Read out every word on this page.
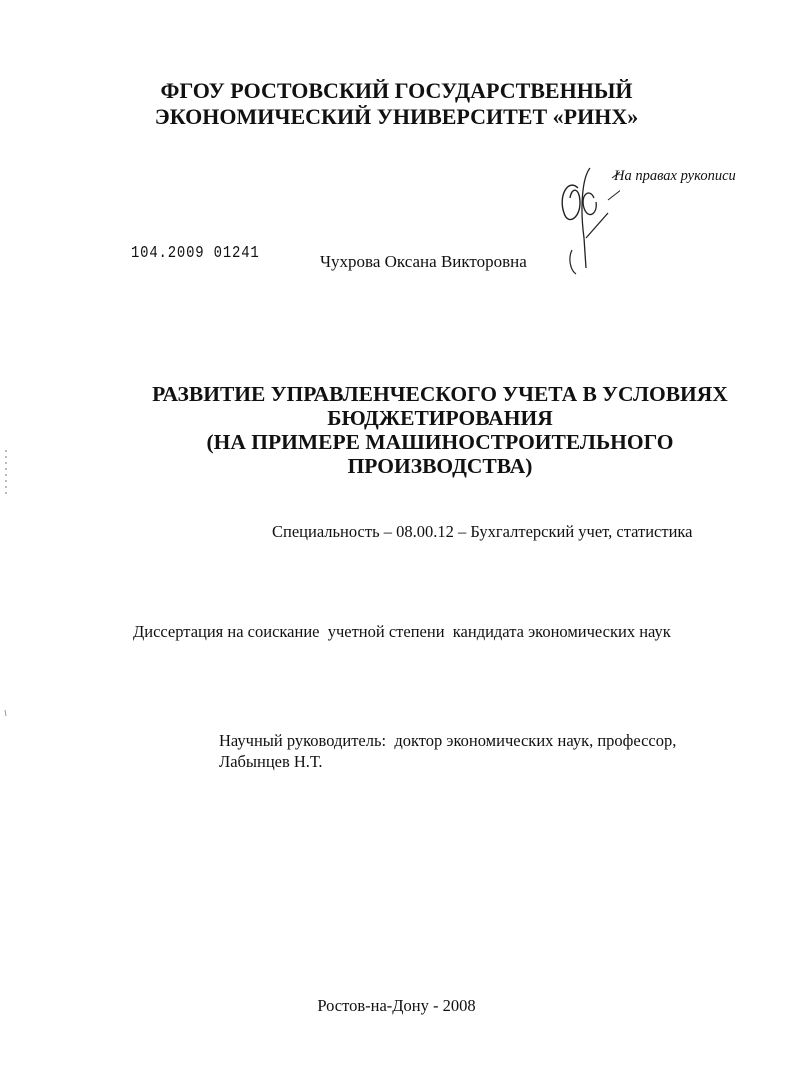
ФГОУ РОСТОВСКИЙ ГОСУДАРСТВЕННЫЙ
ЭКОНОМИЧЕСКИЙ УНИВЕРСИТЕТ «РИНХ»
На правах рукописи
104.2009 01241	Чухрова Оксана Викторовна
РАЗВИТИЕ УПРАВЛЕНЧЕСКОГО УЧЕТА В УСЛОВИЯХ
БЮДЖЕТИРОВАНИЯ
(НА ПРИМЕРЕ МАШИНОСТРОИТЕЛЬНОГО
ПРОИЗВОДСТВА)
Специальность – 08.00.12 – Бухгалтерский учет, статистика
Диссертация на соискание  учетной степени  кандидата экономических наук
Научный руководитель:  доктор экономических наук, профессор,
Лабынцев Н.Т.
Ростов-на-Дону - 2008
